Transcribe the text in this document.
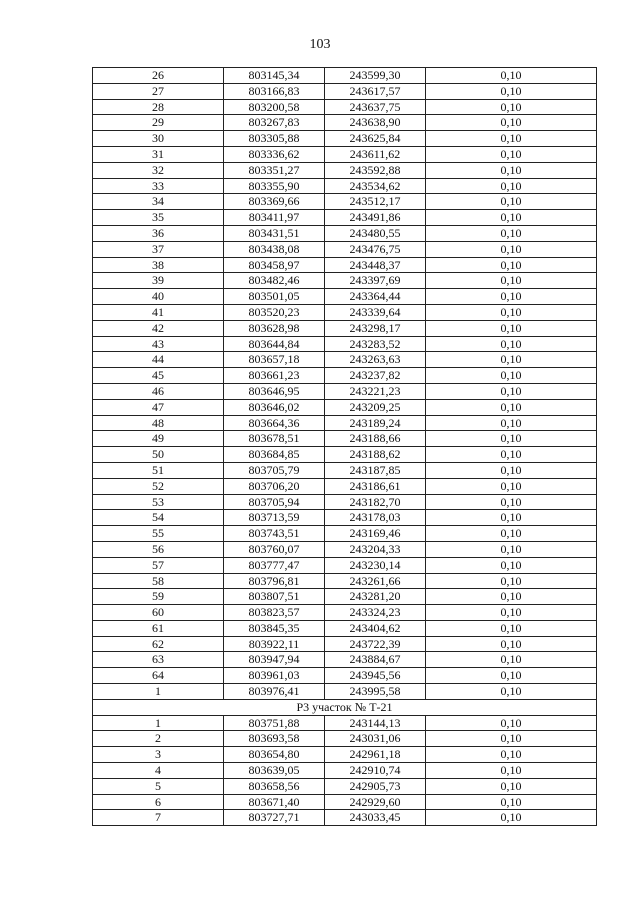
103
26	803145,34	243599,30	0,10
27	803166,83	243617,57	0,10
28	803200,58	243637,75	0,10
29	803267,83	243638,90	0,10
30	803305,88	243625,84	0,10
31	803336,62	243611,62	0,10
32	803351,27	243592,88	0,10
33	803355,90	243534,62	0,10
34	803369,66	243512,17	0,10
35	803411,97	243491,86	0,10
36	803431,51	243480,55	0,10
37	803438,08	243476,75	0,10
38	803458,97	243448,37	0,10
39	803482,46	243397,69	0,10
40	803501,05	243364,44	0,10
41	803520,23	243339,64	0,10
42	803628,98	243298,17	0,10
43	803644,84	243283,52	0,10
44	803657,18	243263,63	0,10
45	803661,23	243237,82	0,10
46	803646,95	243221,23	0,10
47	803646,02	243209,25	0,10
48	803664,36	243189,24	0,10
49	803678,51	243188,66	0,10
50	803684,85	243188,62	0,10
51	803705,79	243187,85	0,10
52	803706,20	243186,61	0,10
53	803705,94	243182,70	0,10
54	803713,59	243178,03	0,10
55	803743,51	243169,46	0,10
56	803760,07	243204,33	0,10
57	803777,47	243230,14	0,10
58	803796,81	243261,66	0,10
59	803807,51	243281,20	0,10
60	803823,57	243324,23	0,10
61	803845,35	243404,62	0,10
62	803922,11	243722,39	0,10
63	803947,94	243884,67	0,10
64	803961,03	243945,56	0,10
1	803976,41	243995,58	0,10
Р3 участок № Т-21			
1	803751,88	243144,13	0,10
2	803693,58	243031,06	0,10
3	803654,80	242961,18	0,10
4	803639,05	242910,74	0,10
5	803658,56	242905,73	0,10
6	803671,40	242929,60	0,10
7	803727,71	243033,45	0,10
